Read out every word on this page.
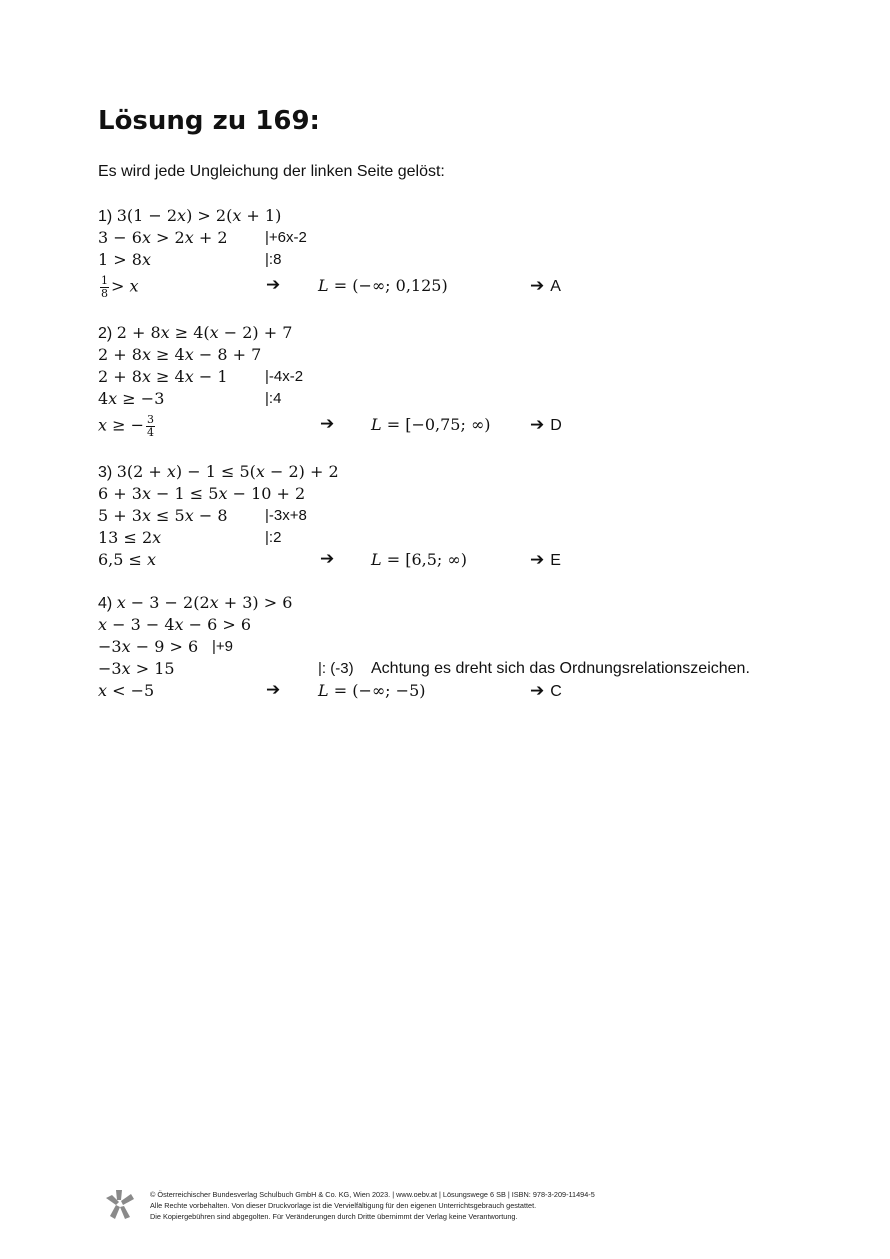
Lösung zu 169:
Es wird jede Ungleichung der linken Seite gelöst:
1) 3(1 − 2𝑥) > 2(𝑥 + 1)
3 − 6𝑥 > 2𝑥 + 2	|+6x-2
1 > 8𝑥	|:8
$\frac{1}{8}$ > 𝑥	➔ 𝐿 = (−∞; 0,125)	➔ A
2) 2 + 8𝑥 ≥ 4(𝑥 − 2) + 7
2 + 8𝑥 ≥ 4𝑥 − 8 + 7
2 + 8𝑥 ≥ 4𝑥 − 1	|-4x-2
4𝑥 ≥ −3	|:4
𝑥 ≥ − $\frac{3}{4}$	➔ 𝐿 = [−0,75; ∞) ➔ D
3) 3(2 + 𝑥) − 1 ≤ 5(𝑥 − 2) + 2
6 + 3𝑥 − 1 ≤ 5𝑥 − 10 + 2
5 + 3𝑥 ≤ 5𝑥 − 8	|-3x+8
13 ≤ 2𝑥	|:2
6,5 ≤ 𝑥	➔ 𝐿 = [6,5; ∞)	➔ E
4) 𝑥 − 3 − 2(2𝑥 + 3) > 6
𝑥 − 3 − 4𝑥 − 6 > 6
−3𝑥 − 9 > 6 |+9
−3𝑥 > 15	|: (-3) Achtung es dreht sich das Ordnungsrelationszeichen.
𝑥 < −5	➔ 𝐿 = (−∞; −5)	➔ C
© Österreichischer Bundesverlag Schulbuch GmbH & Co. KG, Wien 2023. | www.oebv.at | Lösungswege 6 SB | ISBN: 978-3-209-11494-5
Alle Rechte vorbehalten. Von dieser Druckvorlage ist die Vervielfältigung für den eigenen Unterrichtsgebrauch gestattet.
Die Kopiergebühren sind abgegolten. Für Veränderungen durch Dritte übernimmt der Verlag keine Verantwortung.
